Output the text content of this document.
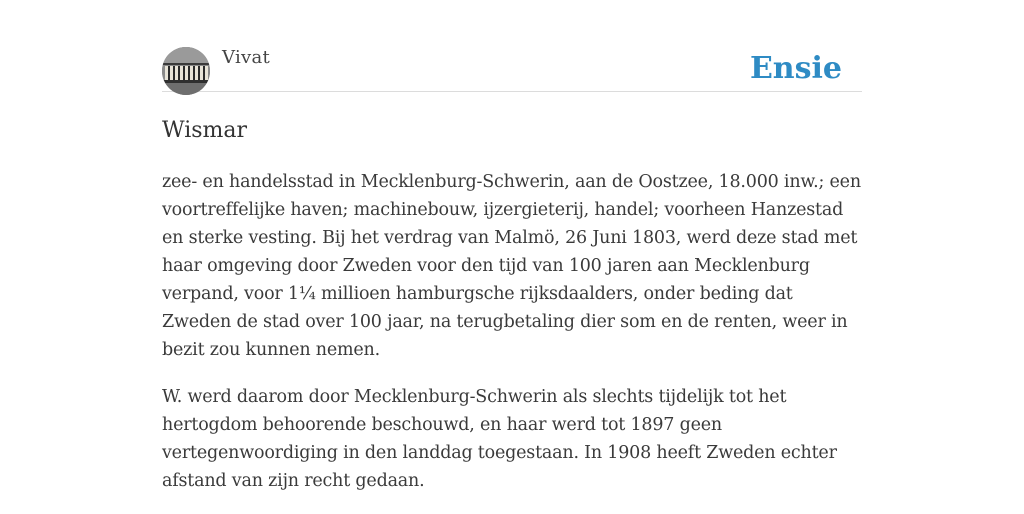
Vivat	Ensie
Wismar

zee- en handelsstad in Mecklenburg-Schwerin, aan de Oostzee, 18.000 inw.; een voortreffelijke haven; machinebouw, ijzergieterij, handel; voorheen Hanzestad en sterke vesting. Bij het verdrag van Malmö, 26 Juni 1803, werd deze stad met haar omgeving door Zweden voor den tijd van 100 jaren aan Mecklenburg verpand, voor 1¼ millioen hamburgsche rijksdaalders, onder beding dat Zweden de stad over 100 jaar, na terugbetaling dier som en de renten, weer in bezit zou kunnen nemen.

W. werd daarom door Mecklenburg-Schwerin als slechts tijdelijk tot het hertogdom behoorende beschouwd, en haar werd tot 1897 geen vertegenwoordiging in den landdag toegestaan. In 1908 heeft Zweden echter afstand van zijn recht gedaan.
